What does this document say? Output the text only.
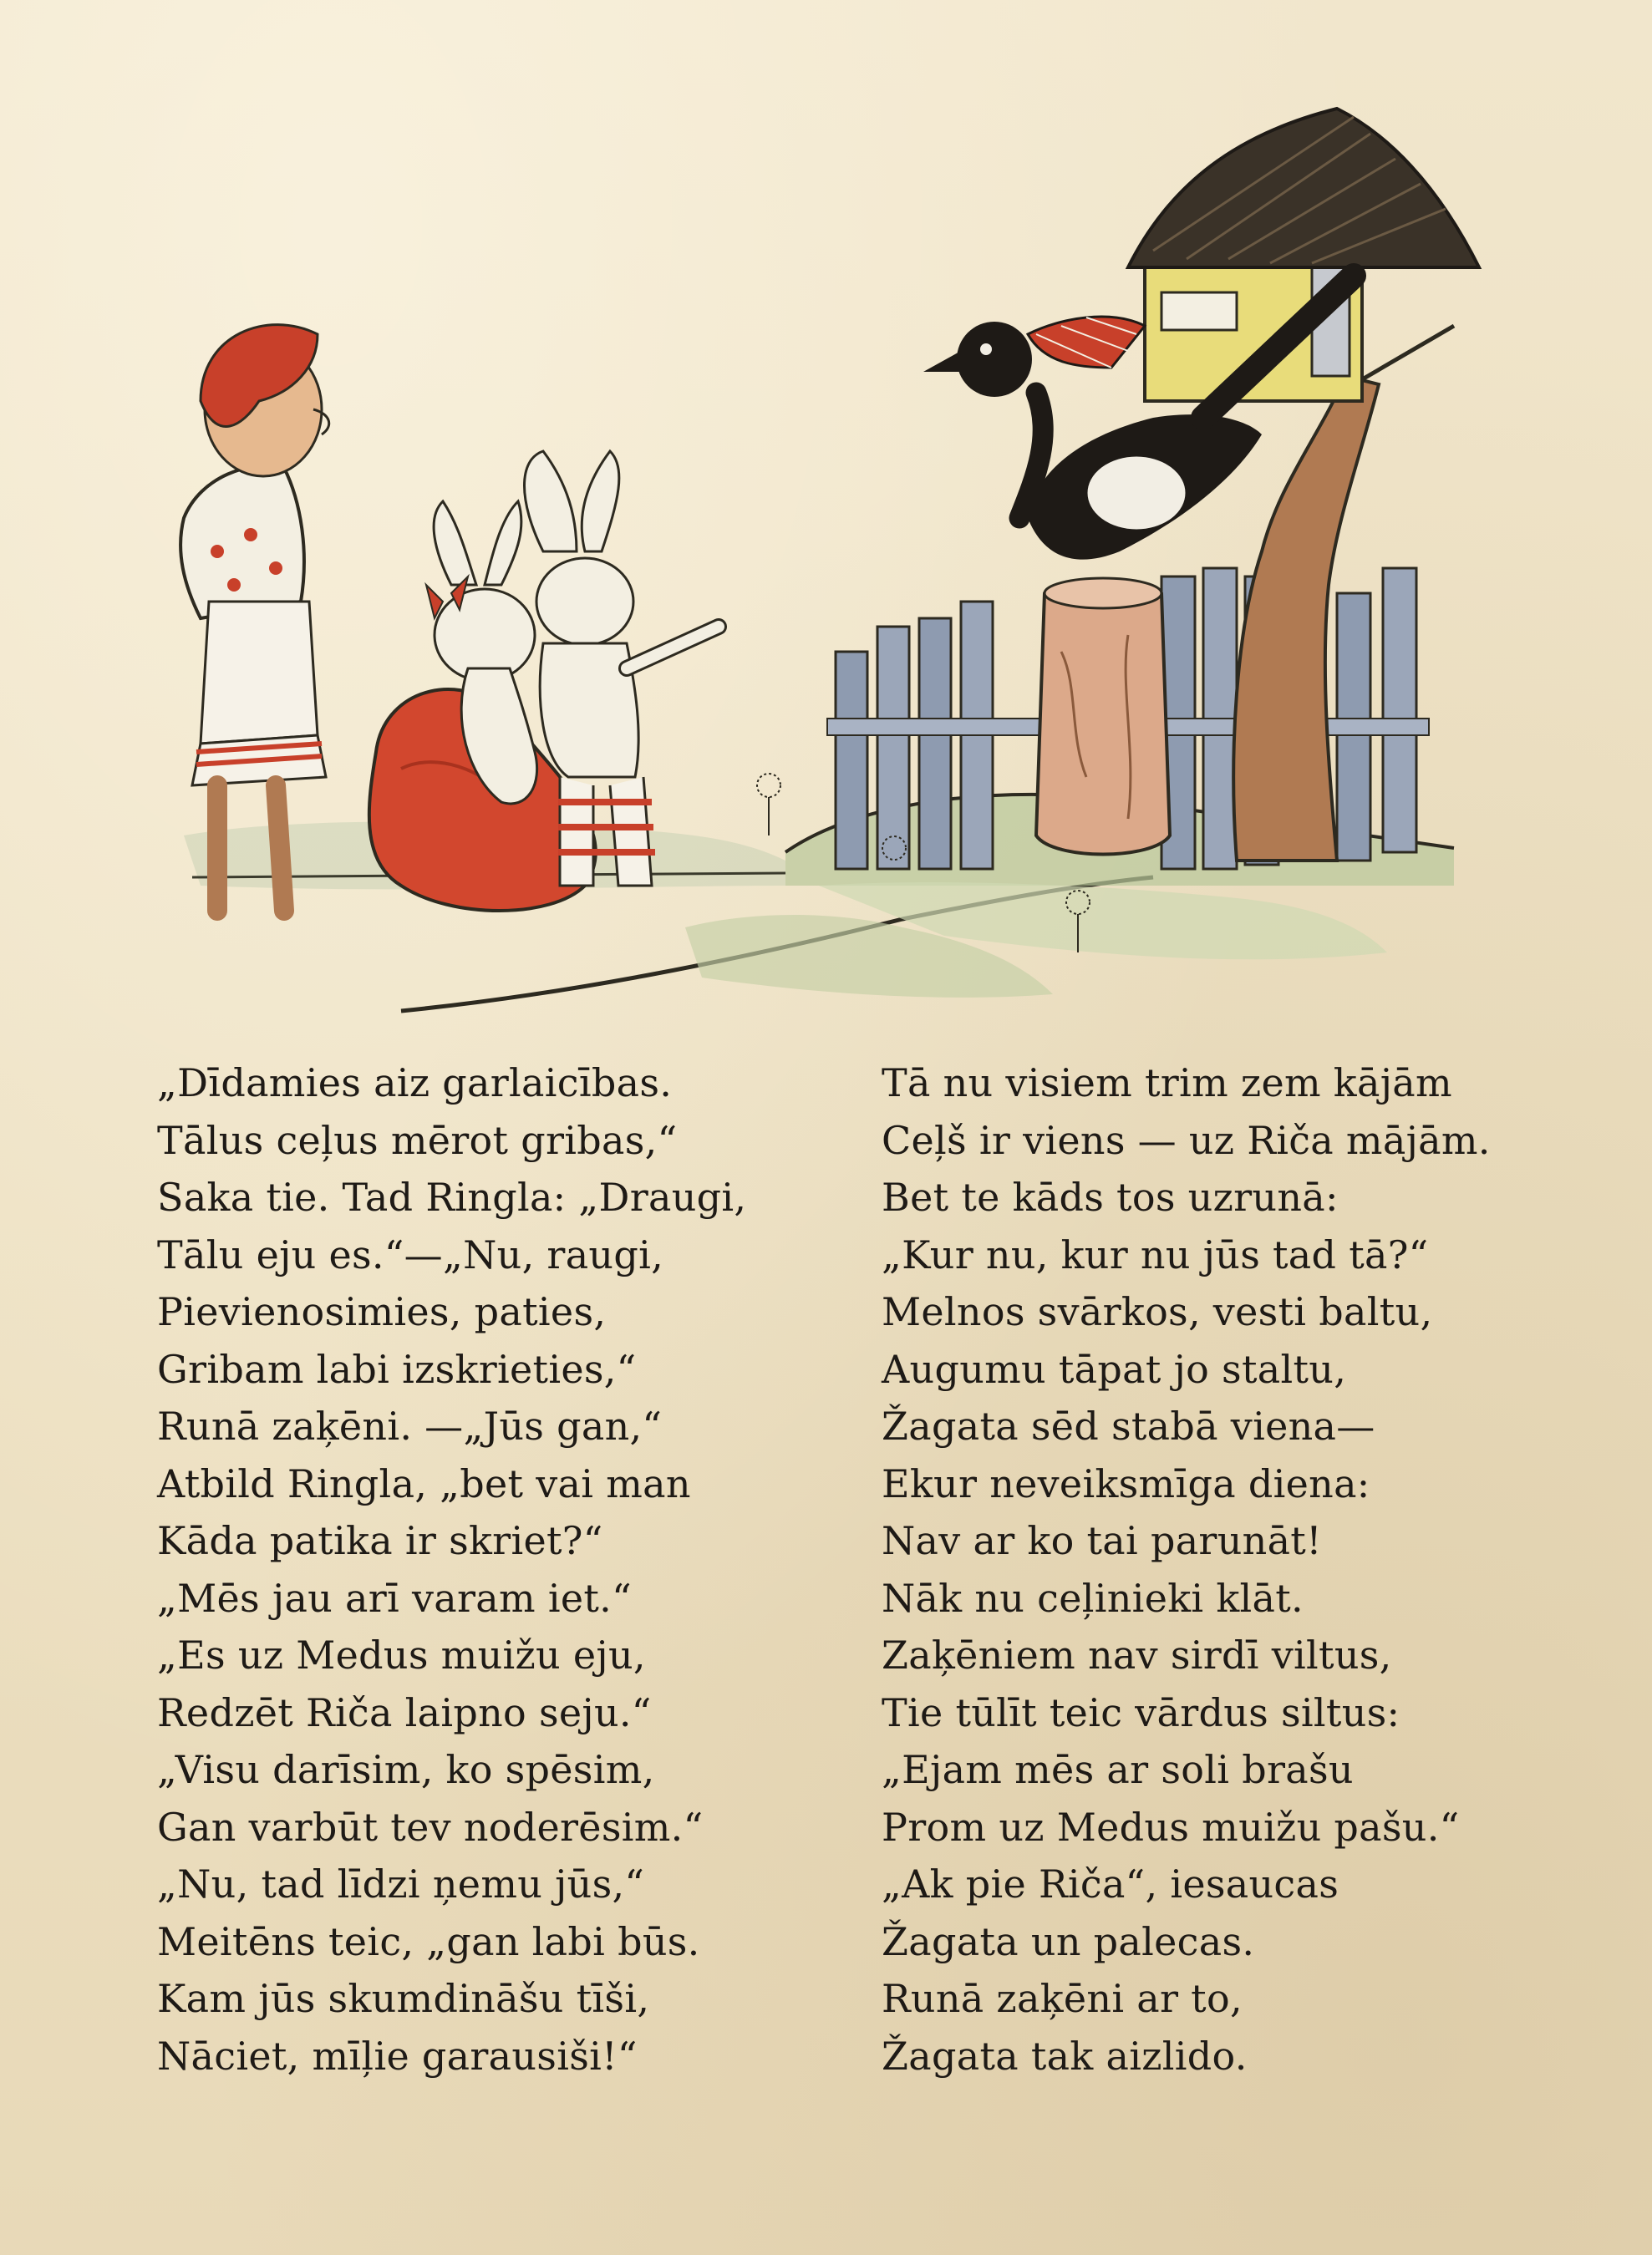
„Dīdamies aiz garlaicības.
Tālus ceļus mērot gribas,“
Saka tie. Tad Ringla: „Draugi,
Tālu eju es.“—„Nu, raugi,
Pievienosimies, paties,
Gribam labi izskrieties,“
Runā zaķēni. —„Jūs gan,“
Atbild Ringla, „bet vai man
Kāda patika ir skriet?“
„Mēs jau arī varam iet.“
„Es uz Medus muižu eju,
Redzēt Riča laipno seju.“
„Visu darīsim, ko spēsim,
Gan varbūt tev noderēsim.“
„Nu, tad līdzi ņemu jūs,“
Meitēns teic, „gan labi būs.
Kam jūs skumdināšu tīši,
Nāciet, mīļie garausiši!“
Tā nu visiem trim zem kājām
Ceļš ir viens — uz Riča mājām.
Bet te kāds tos uzrunā:
„Kur nu, kur nu jūs tad tā?“
Melnos svārkos, vesti baltu,
Augumu tāpat jo staltu,
Žagata sēd stabā viena—
Ekur neveiksmīga diena:
Nav ar ko tai parunāt!
Nāk nu ceļinieki klāt.
Zaķēniem nav sirdī viltus,
Tie tūlīt teic vārdus siltus:
„Ejam mēs ar soli brašu
Prom uz Medus muižu pašu.“
„Ak pie Riča“, iesaucas
Žagata un palecas.
Runā zaķēni ar to,
Žagata tak aizlido.
